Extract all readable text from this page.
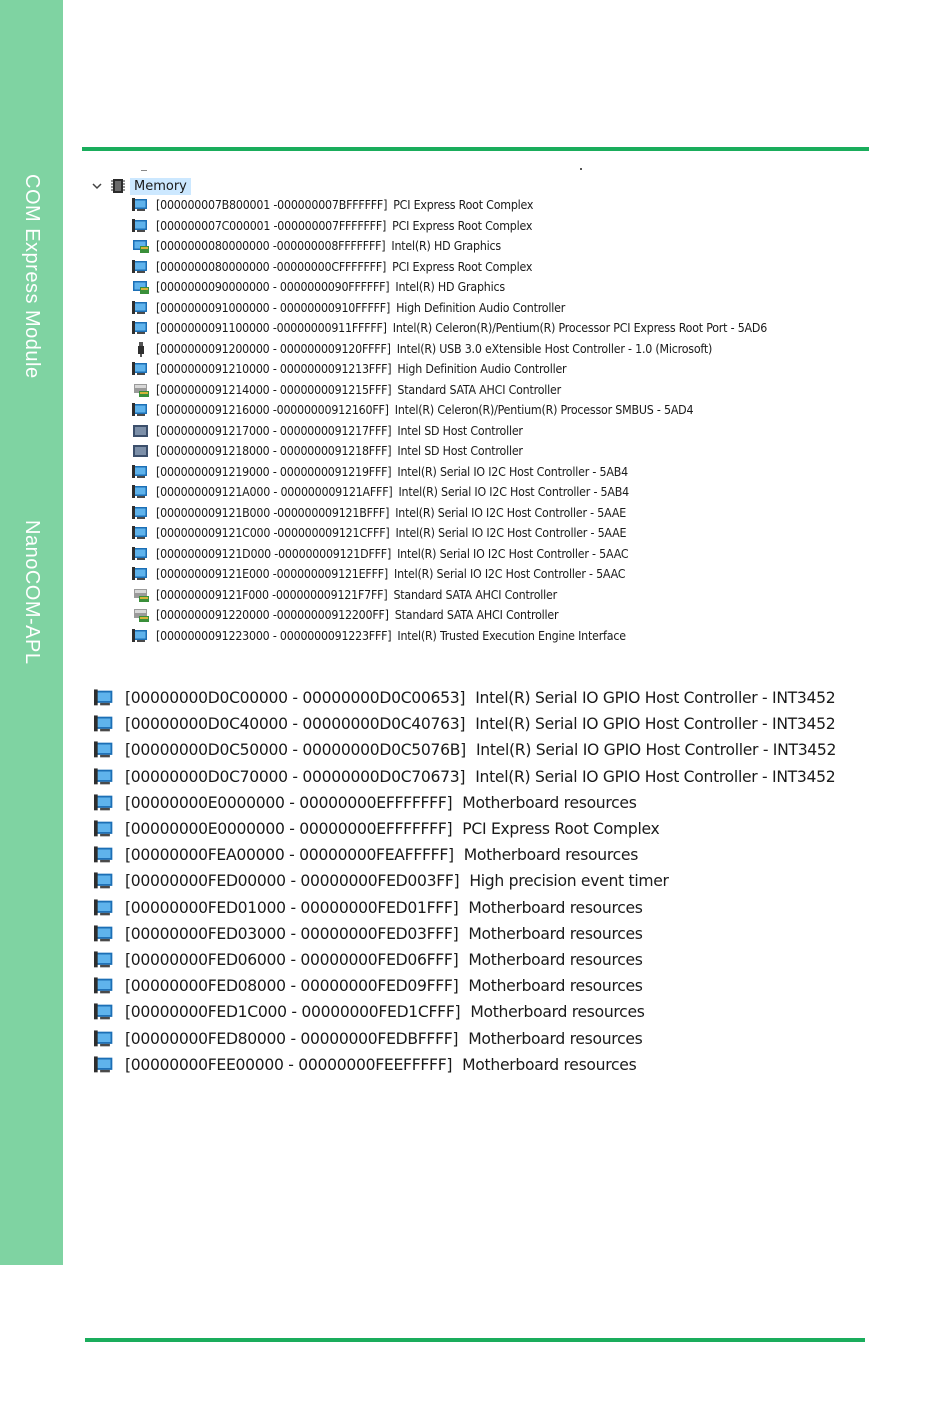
COM Express Module
NanoCOM-APL
Memory
[000000007B800001 -000000007BFFFFFF] PCI Express Root Complex
[000000007C000001 -000000007FFFFFFF] PCI Express Root Complex
[0000000080000000 -000000008FFFFFFF] Intel(R) HD Graphics
[0000000080000000 -00000000CFFFFFFF] PCI Express Root Complex
[0000000090000000 - 0000000090FFFFFF] Intel(R) HD Graphics
[0000000091000000 - 00000000910FFFFF] High Definition Audio Controller
[0000000091100000 -00000000911FFFFF] Intel(R) Celeron(R)/Pentium(R) Processor PCI Express Root Port - 5AD6
[0000000091200000 - 000000009120FFFF] Intel(R) USB 3.0 eXtensible Host Controller - 1.0 (Microsoft)
[0000000091210000 - 0000000091213FFF] High Definition Audio Controller
[0000000091214000 - 0000000091215FFF] Standard SATA AHCI Controller
[0000000091216000 -00000000912160FF] Intel(R) Celeron(R)/Pentium(R) Processor SMBUS - 5AD4
[0000000091217000 - 0000000091217FFF] Intel SD Host Controller
[0000000091218000 - 0000000091218FFF] Intel SD Host Controller
[0000000091219000 - 0000000091219FFF] Intel(R) Serial IO I2C Host Controller - 5AB4
[000000009121A000 - 000000009121AFFF] Intel(R) Serial IO I2C Host Controller - 5AB4
[000000009121B000 -000000009121BFFF] Intel(R) Serial IO I2C Host Controller - 5AAE
[000000009121C000 -000000009121CFFF] Intel(R) Serial IO I2C Host Controller - 5AAE
[000000009121D000 -000000009121DFFF] Intel(R) Serial IO I2C Host Controller - 5AAC
[000000009121E000 -000000009121EFFF] Intel(R) Serial IO I2C Host Controller - 5AAC
[000000009121F000 -000000009121F7FF] Standard SATA AHCI Controller
[0000000091220000 -00000000912200FF] Standard SATA AHCI Controller
[0000000091223000 - 0000000091223FFF] Intel(R) Trusted Execution Engine Interface
[00000000D0C00000 - 00000000D0C00653] Intel(R) Serial IO GPIO Host Controller - INT3452
[00000000D0C40000 - 00000000D0C40763] Intel(R) Serial IO GPIO Host Controller - INT3452
[00000000D0C50000 - 00000000D0C5076B] Intel(R) Serial IO GPIO Host Controller - INT3452
[00000000D0C70000 - 00000000D0C70673] Intel(R) Serial IO GPIO Host Controller - INT3452
[00000000E0000000 - 00000000EFFFFFFF] Motherboard resources
[00000000E0000000 - 00000000EFFFFFFF] PCI Express Root Complex
[00000000FEA00000 - 00000000FEAFFFFF] Motherboard resources
[00000000FED00000 - 00000000FED003FF] High precision event timer
[00000000FED01000 - 00000000FED01FFF] Motherboard resources
[00000000FED03000 - 00000000FED03FFF] Motherboard resources
[00000000FED06000 - 00000000FED06FFF] Motherboard resources
[00000000FED08000 - 00000000FED09FFF] Motherboard resources
[00000000FED1C000 - 00000000FED1CFFF] Motherboard resources
[00000000FED80000 - 00000000FEDBFFFF] Motherboard resources
[00000000FEE00000 - 00000000FEEFFFFF] Motherboard resources
